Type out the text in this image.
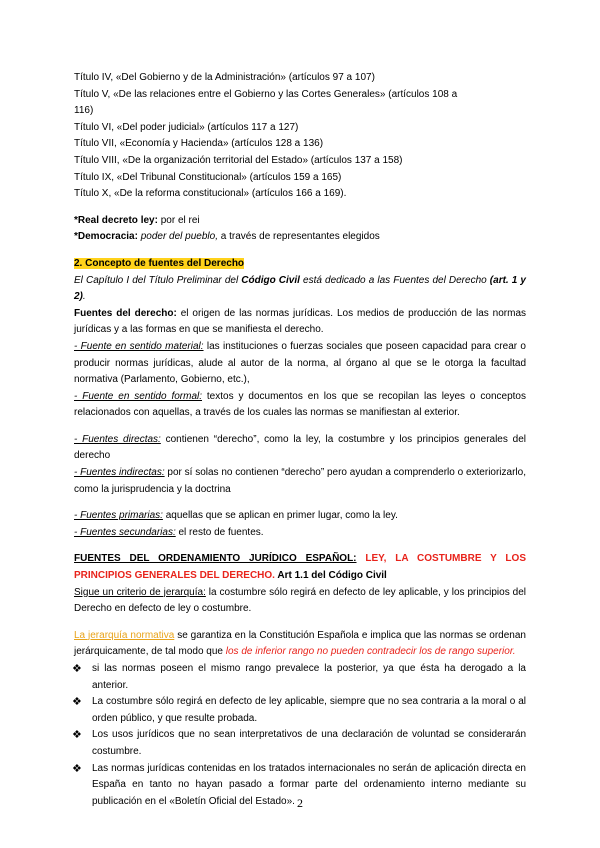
Título IV, «Del Gobierno y de la Administración» (artículos 97 a 107)
Título V, «De las relaciones entre el Gobierno y las Cortes Generales» (artículos 108 a
116)
Título VI, «Del poder judicial» (artículos 117 a 127)
Título VII, «Economía y Hacienda» (artículos 128 a 136)
Título VIII, «De la organización territorial del Estado» (artículos 137 a 158)
Título IX, «Del Tribunal Constitucional» (artículos 159 a 165)
Título X, «De la reforma constitucional» (artículos 166 a 169).
*Real decreto ley: por el rei
*Democracia: poder del pueblo, a través de representantes elegidos
2. Concepto de fuentes del Derecho
El Capítulo I del Título Preliminar del Código Civil está dedicado a las Fuentes del Derecho (art. 1 y 2).
Fuentes del derecho: el origen de las normas jurídicas. Los medios de producción de las normas jurídicas y a las formas en que se manifiesta el derecho.
- Fuente en sentido material: las instituciones o fuerzas sociales que poseen capacidad para crear o producir normas jurídicas, alude al autor de la norma, al órgano al que se le otorga la facultad normativa (Parlamento, Gobierno, etc.),
- Fuente en sentido formal: textos y documentos en los que se recopilan las leyes o conceptos relacionados con aquellas, a través de los cuales las normas se manifiestan al exterior.
- Fuentes directas: contienen “derecho”, como la ley, la costumbre y los principios generales del derecho
- Fuentes indirectas: por sí solas no contienen “derecho” pero ayudan a comprenderlo o exteriorizarlo, como la jurisprudencia y la doctrina
- Fuentes primarias: aquellas que se aplican en primer lugar, como la ley.
- Fuentes secundarias: el resto de fuentes.
FUENTES DEL ORDENAMIENTO JURÍDICO ESPAÑOL: LEY, LA COSTUMBRE Y LOS PRINCIPIOS GENERALES DEL DERECHO. Art 1.1 del Código Civil
Sigue un criterio de jerarquía: la costumbre sólo regirá en defecto de ley aplicable, y los principios del Derecho en defecto de ley o costumbre.
La jerarquía normativa se garantiza en la Constitución Española e implica que las normas se ordenan jerárquicamente, de tal modo que los de inferior rango no pueden contradecir los de rango superior.
❖ si las normas poseen el mismo rango prevalece la posterior, ya que ésta ha derogado a la anterior.
❖ La costumbre sólo regirá en defecto de ley aplicable, siempre que no sea contraria a la moral o al orden público, y que resulte probada.
❖ Los usos jurídicos que no sean interpretativos de una declaración de voluntad se considerarán costumbre.
❖ Las normas jurídicas contenidas en los tratados internacionales no serán de aplicación directa en España en tanto no hayan pasado a formar parte del ordenamiento interno mediante su publicación en el «Boletín Oficial del Estado». 2
